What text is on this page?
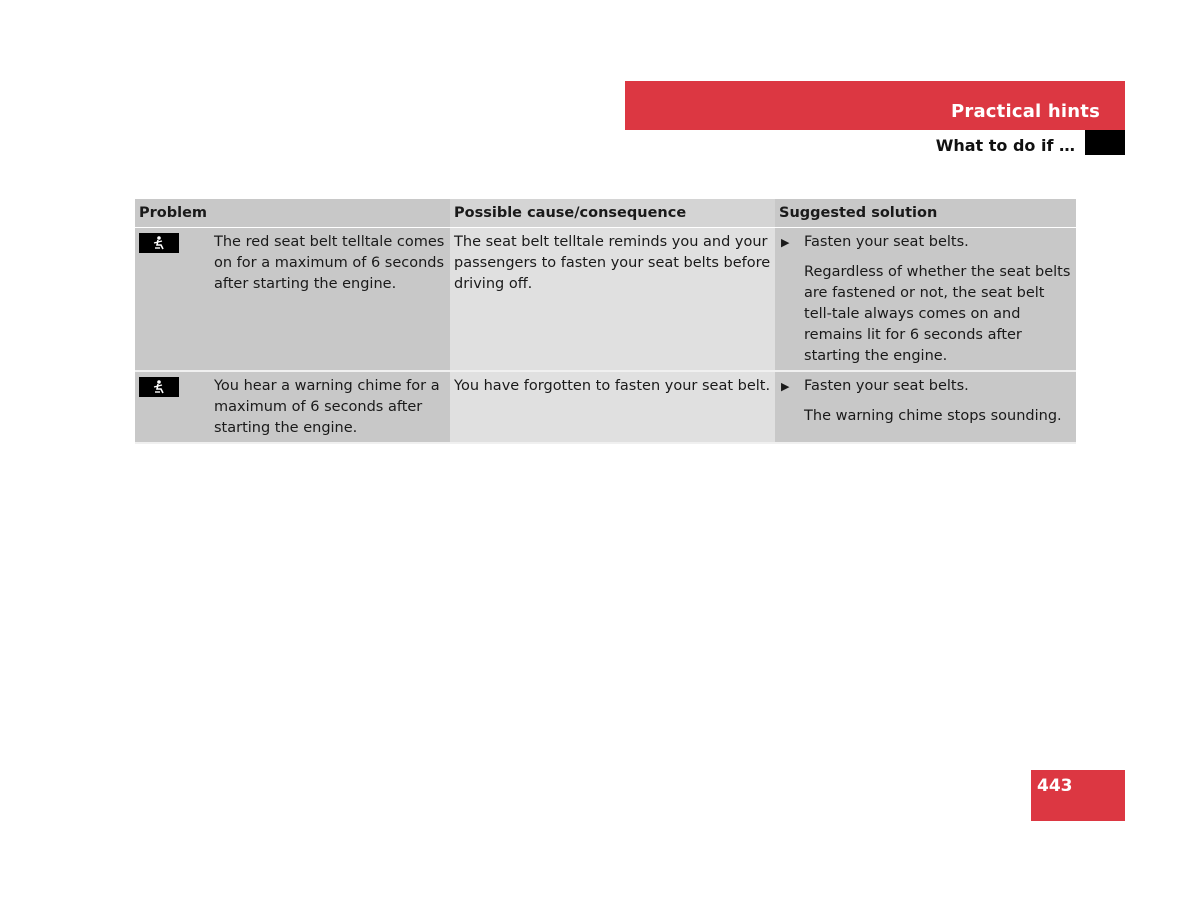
Practical hints
What to do if …
Problem		Possible cause/consequence	Suggested solution

	The red seat belt telltale comes on for a maximum of 6 seconds after starting the engine.	The seat belt telltale reminds you and your passengers to fasten your seat belts before driving off.	▶ Fasten your seat belts.
Regardless of whether the seat belts are fastened or not, the seat belt tell-tale always comes on and remains lit for 6 seconds after starting the engine.

	You hear a warning chime for a maximum of 6 seconds after starting the engine.	You have forgotten to fasten your seat belt.	▶ Fasten your seat belts.
The warning chime stops sounding.
443
